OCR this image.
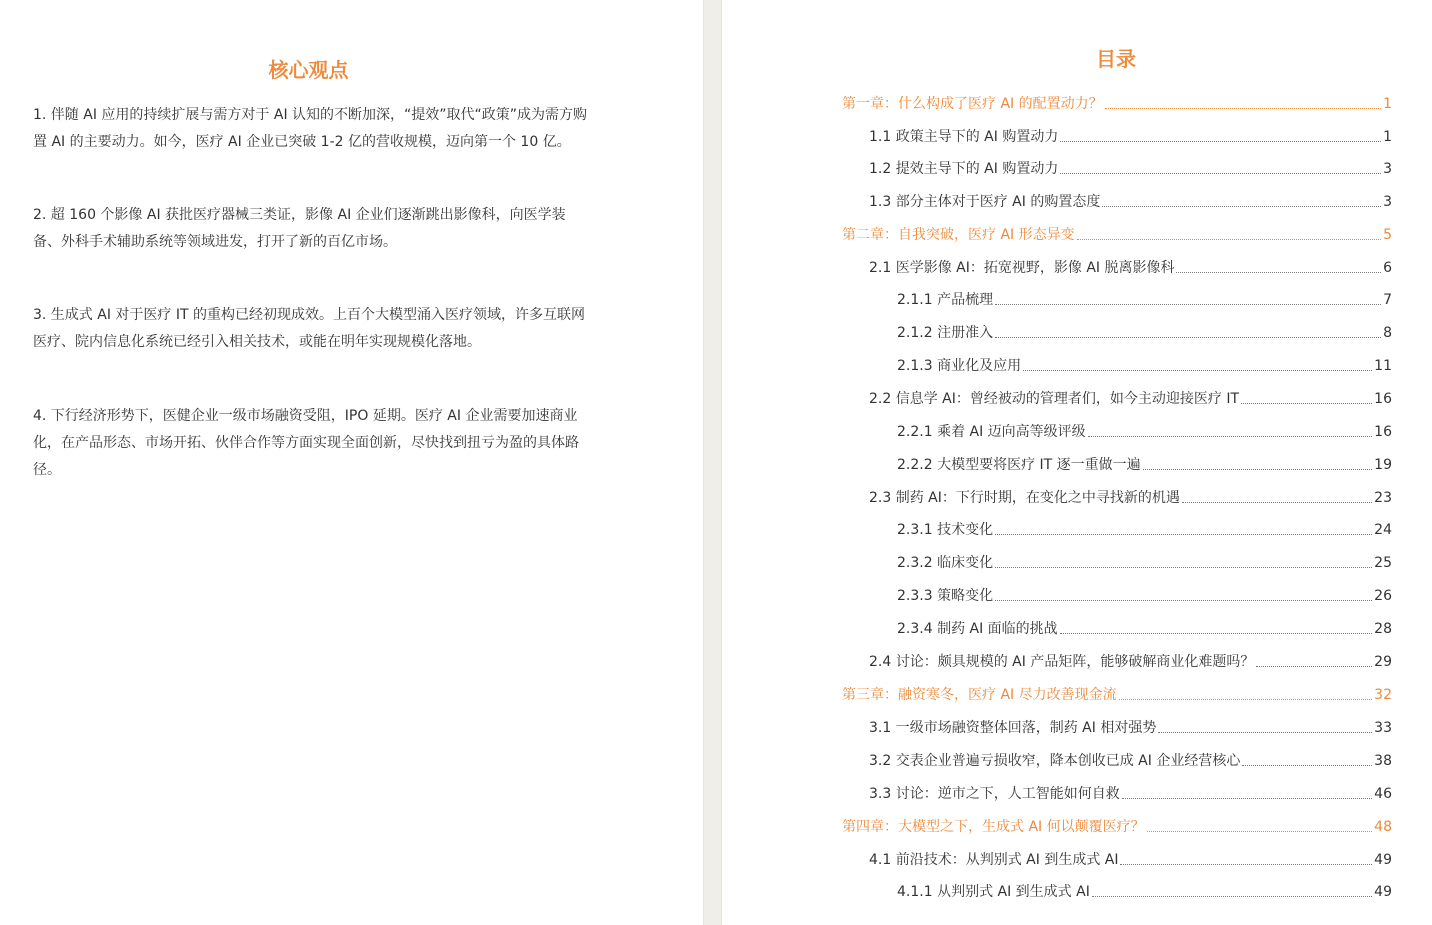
核心观点

1. 伴随 AI 应用的持续扩展与需方对于 AI 认知的不断加深，“提效”取代“政策”成为需方购置 AI 的主要动力。如今，医疗 AI 企业已突破 1-2 亿的营收规模，迈向第一个 10 亿。

2. 超 160 个影像 AI 获批医疗器械三类证，影像 AI 企业们逐渐跳出影像科，向医学装备、外科手术辅助系统等领域进发，打开了新的百亿市场。

3. 生成式 AI 对于医疗 IT 的重构已经初现成效。上百个大模型涌入医疗领域，许多互联网医疗、院内信息化系统已经引入相关技术，或能在明年实现规模化落地。

4. 下行经济形势下，医健企业一级市场融资受阻，IPO 延期。医疗 AI 企业需要加速商业化，在产品形态、市场开拓、伙伴合作等方面实现全面创新，尽快找到扭亏为盈的具体路径。

目录
第一章：什么构成了医疗 AI 的配置动力？	1
1.1 政策主导下的 AI 购置动力	1
1.2 提效主导下的 AI 购置动力	3
1.3 部分主体对于医疗 AI 的购置态度	3
第二章：自我突破，医疗 AI 形态异变	5
2.1 医学影像 AI：拓宽视野，影像 AI 脱离影像科	6
2.1.1 产品梳理	7
2.1.2 注册准入	8
2.1.3 商业化及应用	11
2.2 信息学 AI：曾经被动的管理者们，如今主动迎接医疗 IT	16
2.2.1 乘着 AI 迈向高等级评级	16
2.2.2 大模型要将医疗 IT 逐一重做一遍	19
2.3 制药 AI：下行时期，在变化之中寻找新的机遇	23
2.3.1 技术变化	24
2.3.2 临床变化	25
2.3.3 策略变化	26
2.3.4 制药 AI 面临的挑战	28
2.4 讨论：颇具规模的 AI 产品矩阵，能够破解商业化难题吗？	29
第三章：融资寒冬，医疗 AI 尽力改善现金流	32
3.1 一级市场融资整体回落，制药 AI 相对强势	33
3.2 交表企业普遍亏损收窄，降本创收已成 AI 企业经营核心	38
3.3 讨论：逆市之下，人工智能如何自救	46
第四章：大模型之下，生成式 AI 何以颠覆医疗？	48
4.1 前沿技术：从判别式 AI 到生成式 AI	49
4.1.1 从判别式 AI 到生成式 AI	49
